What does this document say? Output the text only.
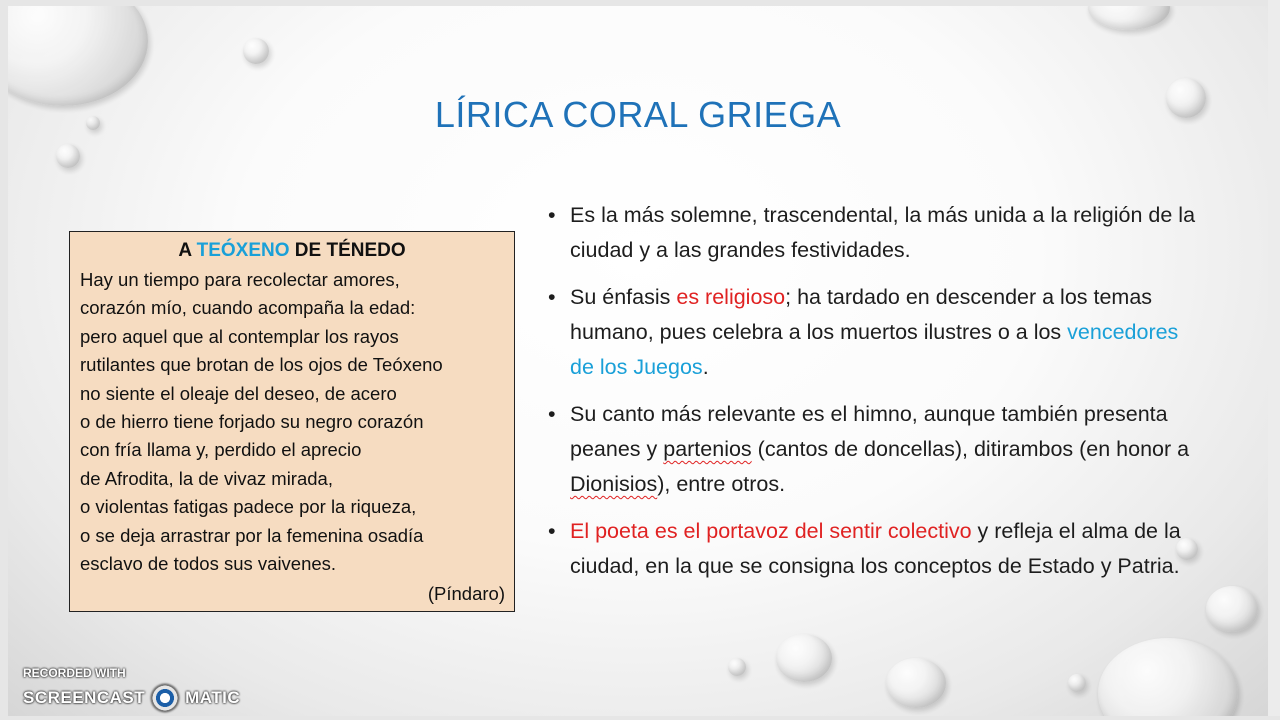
LÍRICA CORAL GRIEGA
A TEÓXENO DE TÉNEDO
Hay un tiempo para recolectar amores,
corazón mío, cuando acompaña la edad:
pero aquel que al contemplar los rayos
rutilantes que brotan de los ojos de Teóxeno
no siente el oleaje del deseo, de acero
o de hierro tiene forjado su negro corazón
con fría llama y, perdido el aprecio
de Afrodita, la de vivaz mirada,
o violentas fatigas padece por la riqueza,
o se deja arrastrar por la femenina osadía
esclavo de todos sus vaivenes.
(Píndaro)
• Es la más solemne, trascendental, la más unida a la religión de la ciudad y a las grandes festividades.
• Su énfasis es religioso; ha tardado en descender a los temas humano, pues celebra a los muertos ilustres o a los vencedores de los Juegos.
• Su canto más relevante es el himno, aunque también presenta peanes y partenios (cantos de doncellas), ditirambos (en honor a Dionisios), entre otros.
• El poeta es el portavoz del sentir colectivo y refleja el alma de la ciudad, en la que se consigna los conceptos de Estado y Patria.
RECORDED WITH
SCREENCAST MATIC
